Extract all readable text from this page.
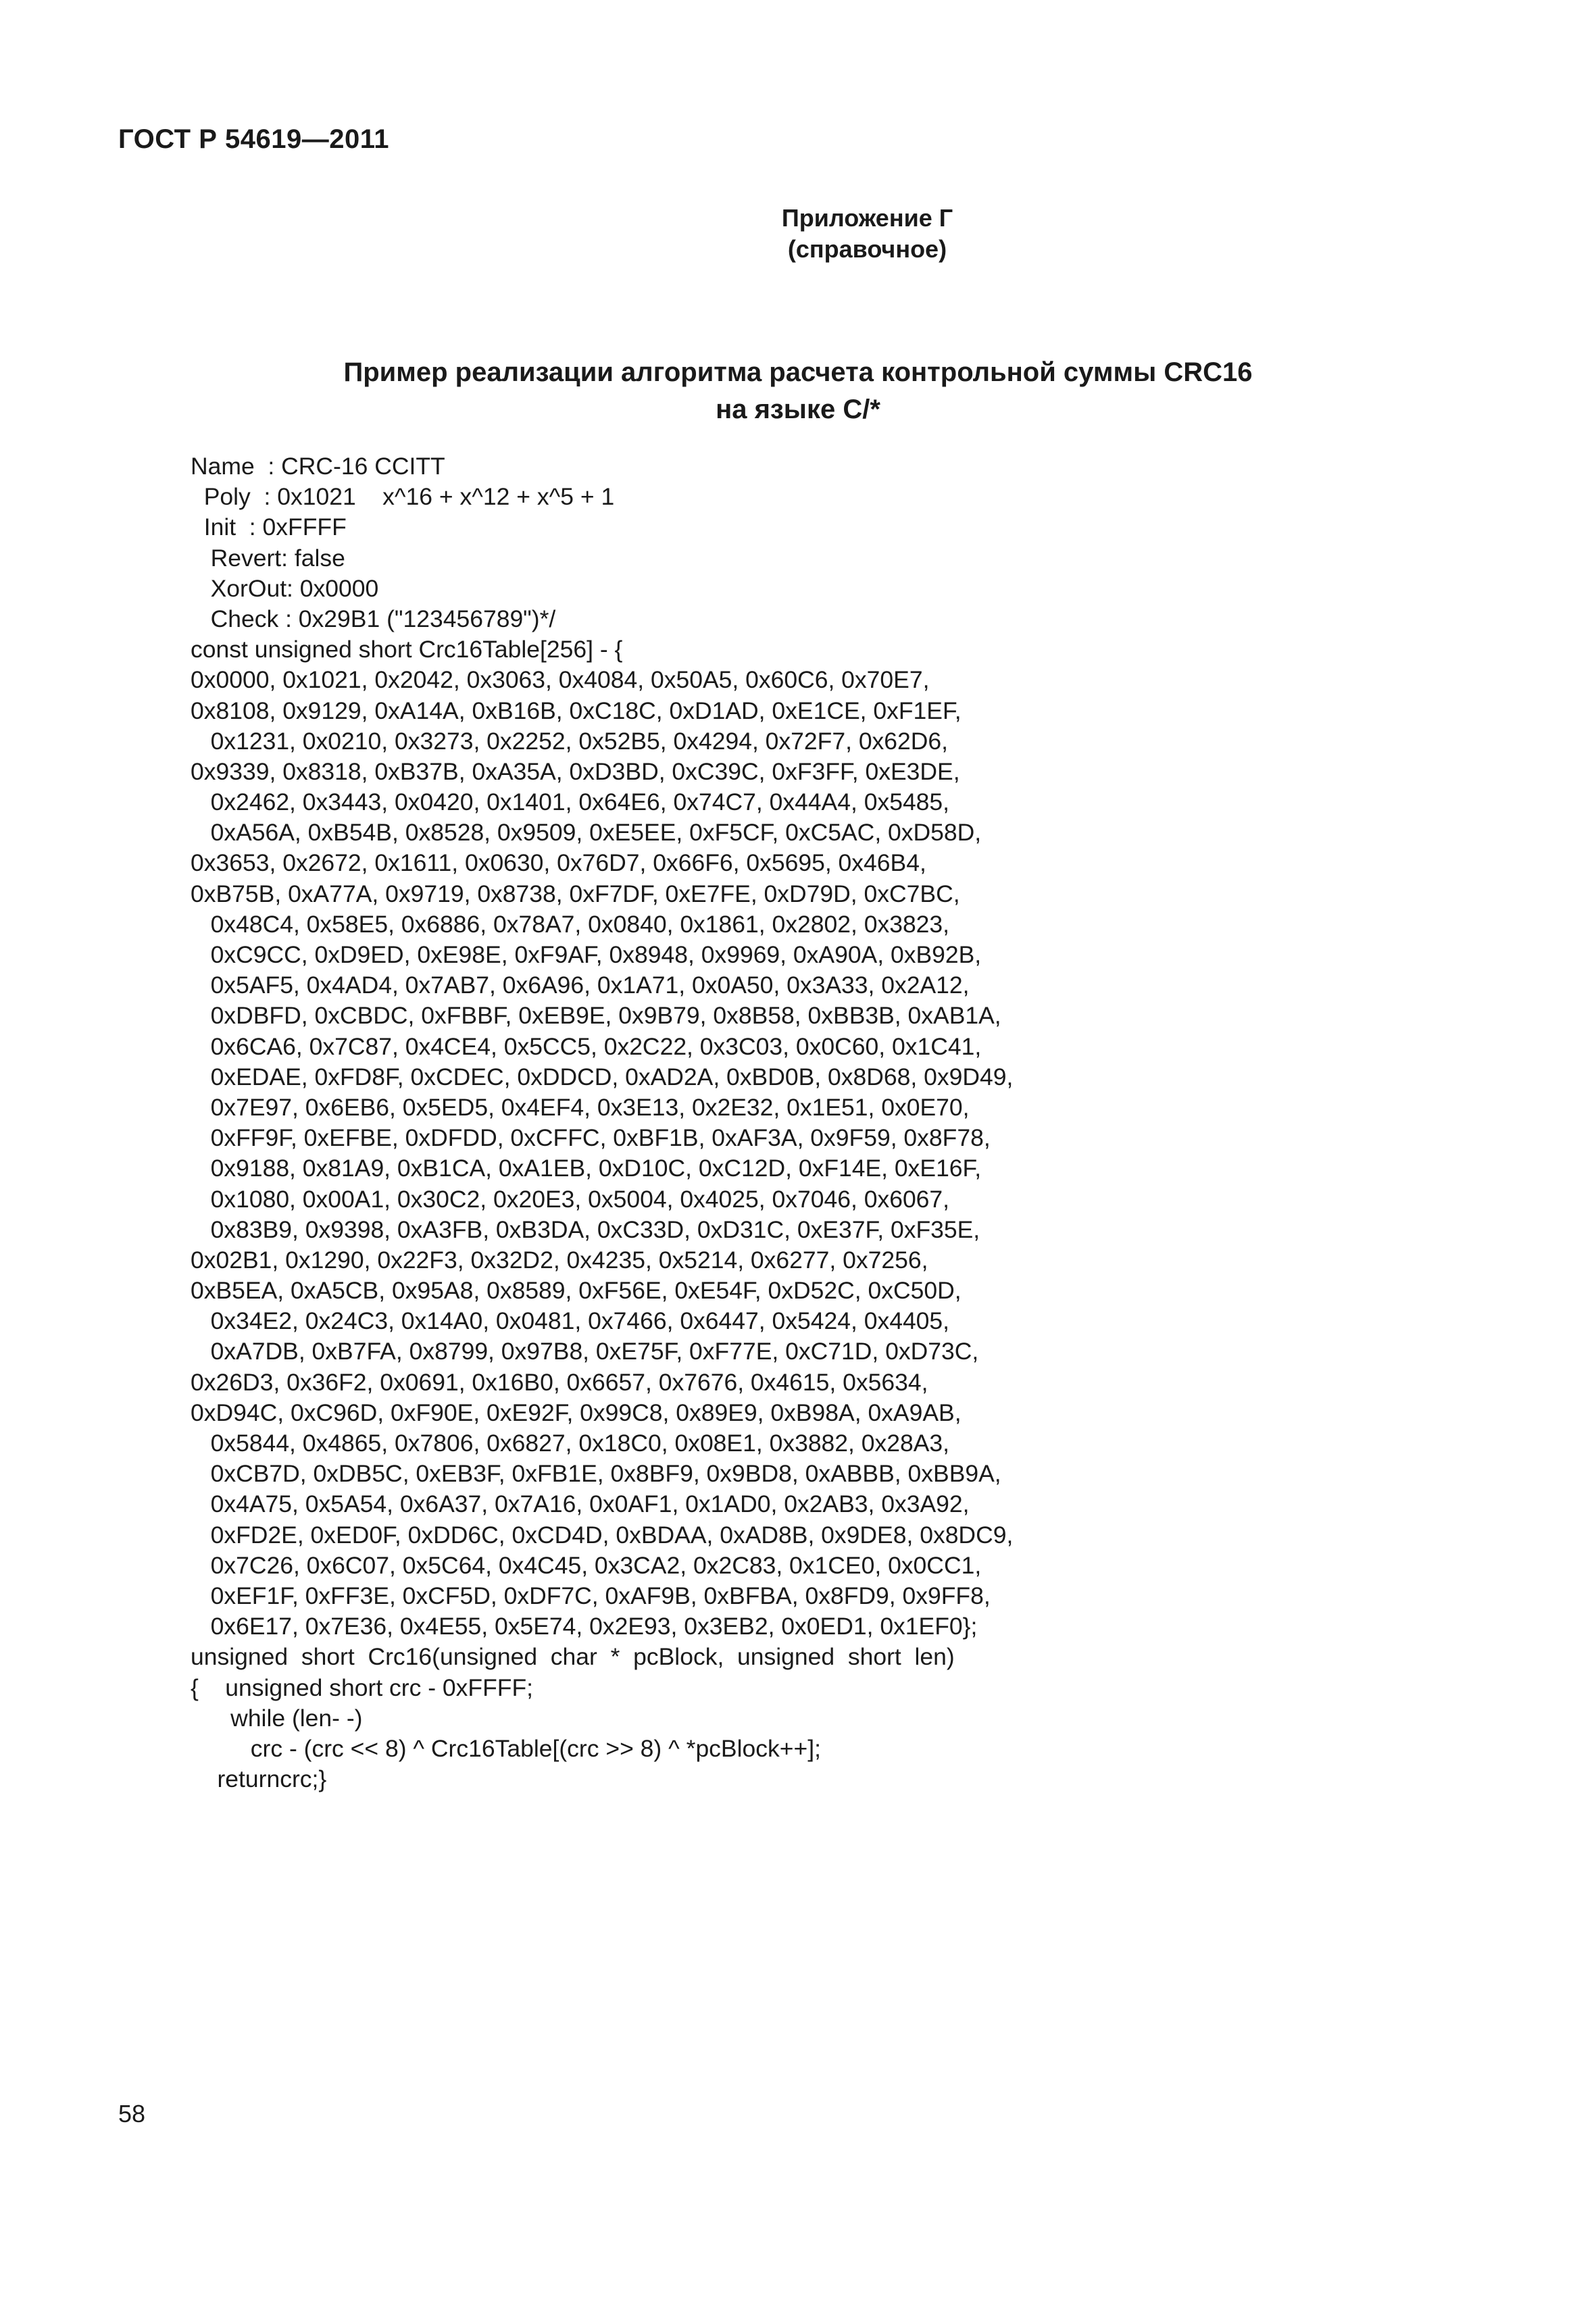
ГОСТ Р 54619—2011
Приложение Г
(справочное)
Пример реализации алгоритма расчета контрольной суммы CRC16
на языке С/*
Name  : CRC-16 CCITT
Poly  : 0x1021    x^16 + x^12 + x^5 + 1
Init  : 0xFFFF
Revert: false
XorOut: 0x0000
Check : 0x29B1 ("123456789")*/
const unsigned short Crc16Table[256] - {
0x0000, 0x1021, 0x2042, 0x3063, 0x4084, 0x50A5, 0x60C6, 0x70E7,
0x8108, 0x9129, 0xA14A, 0xB16B, 0xC18C, 0xD1AD, 0xE1CE, 0xF1EF,
0x1231, 0x0210, 0x3273, 0x2252, 0x52B5, 0x4294, 0x72F7, 0x62D6,
0x9339, 0x8318, 0xB37B, 0xA35A, 0xD3BD, 0xC39C, 0xF3FF, 0xE3DE,
0x2462, 0x3443, 0x0420, 0x1401, 0x64E6, 0x74C7, 0x44A4, 0x5485,
0xA56A, 0xB54B, 0x8528, 0x9509, 0xE5EE, 0xF5CF, 0xC5AC, 0xD58D,
0x3653, 0x2672, 0x1611, 0x0630, 0x76D7, 0x66F6, 0x5695, 0x46B4,
0xB75B, 0xA77A, 0x9719, 0x8738, 0xF7DF, 0xE7FE, 0xD79D, 0xC7BC,
0x48C4, 0x58E5, 0x6886, 0x78A7, 0x0840, 0x1861, 0x2802, 0x3823,
0xC9CC, 0xD9ED, 0xE98E, 0xF9AF, 0x8948, 0x9969, 0xA90A, 0xB92B,
0x5AF5, 0x4AD4, 0x7AB7, 0x6A96, 0x1A71, 0x0A50, 0x3A33, 0x2A12,
0xDBFD, 0xCBDC, 0xFBBF, 0xEB9E, 0x9B79, 0x8B58, 0xBB3B, 0xAB1A,
0x6CA6, 0x7C87, 0x4CE4, 0x5CC5, 0x2C22, 0x3C03, 0x0C60, 0x1C41,
0xEDAE, 0xFD8F, 0xCDEC, 0xDDCD, 0xAD2A, 0xBD0B, 0x8D68, 0x9D49,
0x7E97, 0x6EB6, 0x5ED5, 0x4EF4, 0x3E13, 0x2E32, 0x1E51, 0x0E70,
0xFF9F, 0xEFBE, 0xDFDD, 0xCFFC, 0xBF1B, 0xAF3A, 0x9F59, 0x8F78,
0x9188, 0x81A9, 0xB1CA, 0xA1EB, 0xD10C, 0xC12D, 0xF14E, 0xE16F,
0x1080, 0x00A1, 0x30C2, 0x20E3, 0x5004, 0x4025, 0x7046, 0x6067,
0x83B9, 0x9398, 0xA3FB, 0xB3DA, 0xC33D, 0xD31C, 0xE37F, 0xF35E,
0x02B1, 0x1290, 0x22F3, 0x32D2, 0x4235, 0x5214, 0x6277, 0x7256,
0xB5EA, 0xA5CB, 0x95A8, 0x8589, 0xF56E, 0xE54F, 0xD52C, 0xC50D,
0x34E2, 0x24C3, 0x14A0, 0x0481, 0x7466, 0x6447, 0x5424, 0x4405,
0xA7DB, 0xB7FA, 0x8799, 0x97B8, 0xE75F, 0xF77E, 0xC71D, 0xD73C,
0x26D3, 0x36F2, 0x0691, 0x16B0, 0x6657, 0x7676, 0x4615, 0x5634,
0xD94C, 0xC96D, 0xF90E, 0xE92F, 0x99C8, 0x89E9, 0xB98A, 0xA9AB,
0x5844, 0x4865, 0x7806, 0x6827, 0x18C0, 0x08E1, 0x3882, 0x28A3,
0xCB7D, 0xDB5C, 0xEB3F, 0xFB1E, 0x8BF9, 0x9BD8, 0xABBB, 0xBB9A,
0x4A75, 0x5A54, 0x6A37, 0x7A16, 0x0AF1, 0x1AD0, 0x2AB3, 0x3A92,
0xFD2E, 0xED0F, 0xDD6C, 0xCD4D, 0xBDAA, 0xAD8B, 0x9DE8, 0x8DC9,
0x7C26, 0x6C07, 0x5C64, 0x4C45, 0x3CA2, 0x2C83, 0x1CE0, 0x0CC1,
0xEF1F, 0xFF3E, 0xCF5D, 0xDF7C, 0xAF9B, 0xBFBA, 0x8FD9, 0x9FF8,
0x6E17, 0x7E36, 0x4E55, 0x5E74, 0x2E93, 0x3EB2, 0x0ED1, 0x1EF0};
unsigned  short  Crc16(unsigned  char  *  pcBlock,  unsigned  short  len)
{    unsigned short crc - 0xFFFF;
while (len- -)
crc - (crc << 8) ^ Crc16Table[(crc >> 8) ^ *pcBlock++];
returncrc;}
58
